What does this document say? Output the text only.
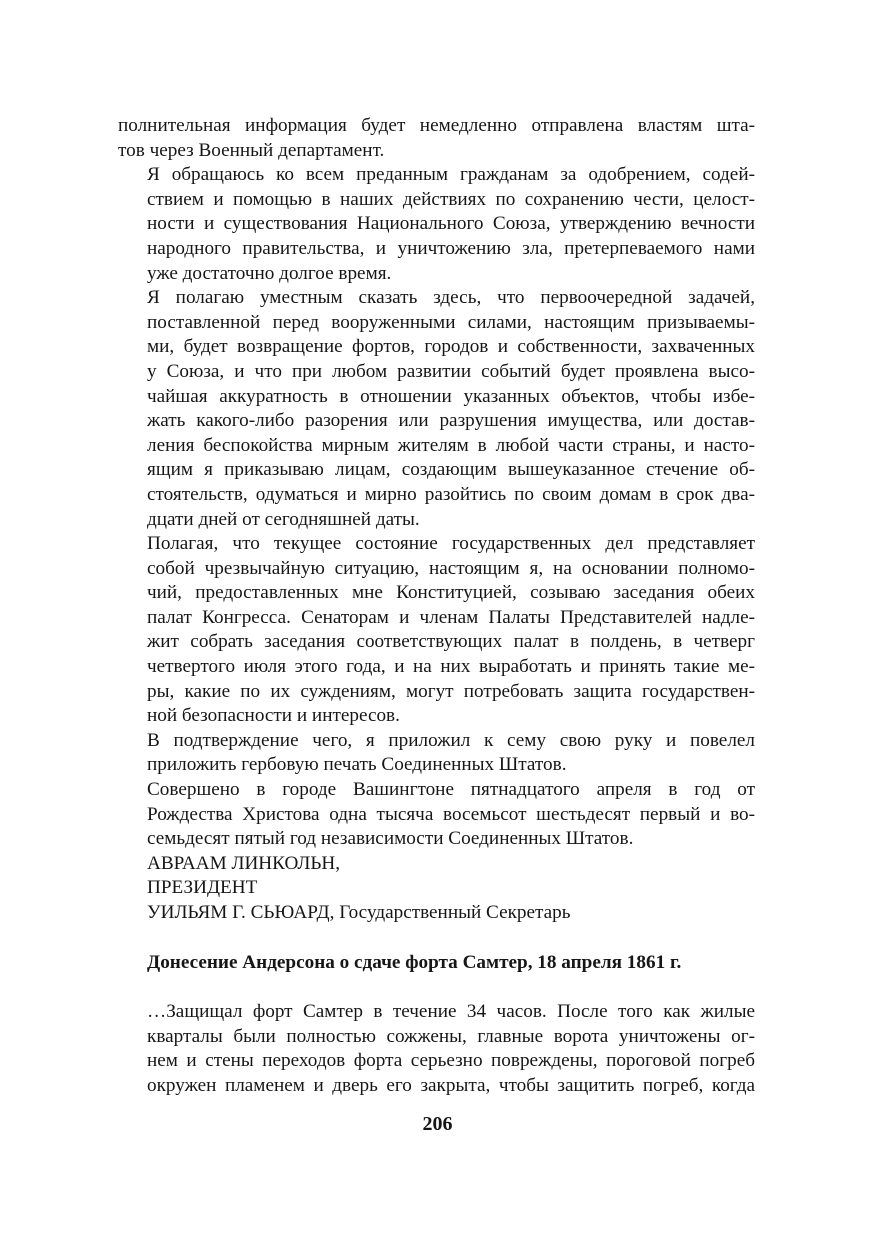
полнительная информация будет немедленно отправлена властям шта-
тов через Военный департамент.

Я обращаюсь ко всем преданным гражданам за одобрением, содей-
ствием и помощью в наших действиях по сохранению чести, целост-
ности и существования Национального Союза, утверждению вечности
народного правительства, и уничтожению зла, претерпеваемого нами
уже достаточно долгое время.

Я полагаю уместным сказать здесь, что первоочередной задачей,
поставленной перед вооруженными силами, настоящим призываемы-
ми, будет возвращение фортов, городов и собственности, захваченных
у Союза, и что при любом развитии событий будет проявлена высо-
чайшая аккуратность в отношении указанных объектов, чтобы избе-
жать какого-либо разорения или разрушения имущества, или достав-
ления беспокойства мирным жителям в любой части страны, и насто-
ящим я приказываю лицам, создающим вышеуказанное стечение об-
стоятельств, одуматься и мирно разойтись по своим домам в срок два-
дцати дней от сегодняшней даты.

Полагая, что текущее состояние государственных дел представляет
собой чрезвычайную ситуацию, настоящим я, на основании полномо-
чий, предоставленных мне Конституцией, созываю заседания обеих
палат Конгресса. Сенаторам и членам Палаты Представителей надле-
жит собрать заседания соответствующих палат в полдень, в четверг
четвертого июля этого года, и на них выработать и принять такие ме-
ры, какие по их суждениям, могут потребовать защита государствен-
ной безопасности и интересов.

В подтверждение чего, я приложил к сему свою руку и повелел
приложить гербовую печать Соединенных Штатов.

Совершено в городе Вашингтоне пятнадцатого апреля в год от
Рождества Христова одна тысяча восемьсот шестьдесят первый и во-
семьдесят пятый год независимости Соединенных Штатов.

АВРААМ ЛИНКОЛЬН,

ПРЕЗИДЕНТ

УИЛЬЯМ Г. СЬЮАРД, Государственный Секретарь

Донесение Андерсона о сдаче форта Самтер, 18 апреля 1861 г.

…Защищал форт Самтер в течение 34 часов. После того как жилые
кварталы были полностью сожжены, главные ворота уничтожены ог-
нем и стены переходов форта серьезно повреждены, пороговой погреб
окружен пламенем и дверь его закрыта, чтобы защитить погреб, когда

206
